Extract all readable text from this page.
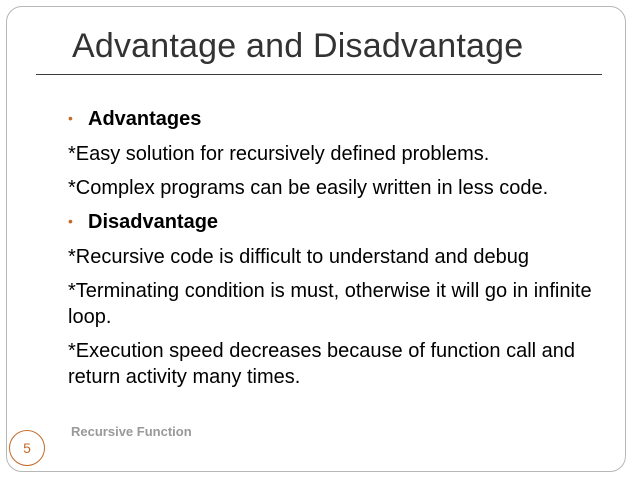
Advantage and Disadvantage
• Advantages
*Easy solution for recursively defined problems.
*Complex programs can be easily written in less code.
• Disadvantage
*Recursive code is difficult to understand and debug
*Terminating condition is must, otherwise it will go in infinite loop.
*Execution speed decreases because of function call and return activity many times.
Recursive Function
5
